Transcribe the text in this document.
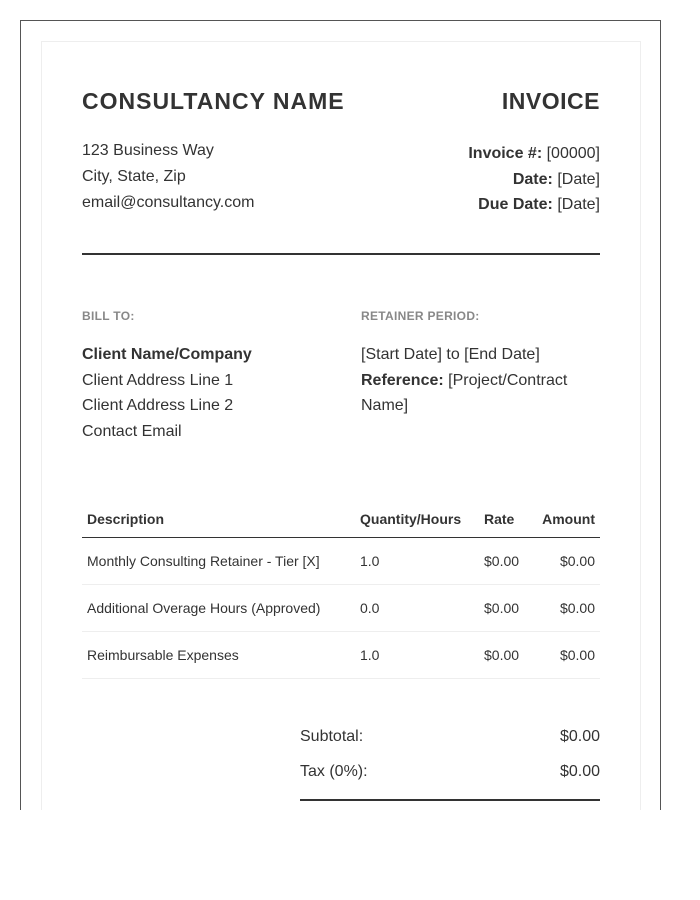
CONSULTANCY NAME	INVOICE
123 Business Way
City, State, Zip
email@consultancy.com
Invoice #: [00000]
Date: [Date]
Due Date: [Date]
BILL TO:	RETAINER PERIOD:
Client Name/Company
Client Address Line 1
Client Address Line 2
Contact Email
[Start Date] to [End Date]
Reference: [Project/Contract Name]
Description	Quantity/Hours	Rate	Amount
Monthly Consulting Retainer - Tier [X]	1.0	$0.00	$0.00
Additional Overage Hours (Approved)	0.0	$0.00	$0.00
Reimbursable Expenses	1.0	$0.00	$0.00
Subtotal:	$0.00
Tax (0%):	$0.00
